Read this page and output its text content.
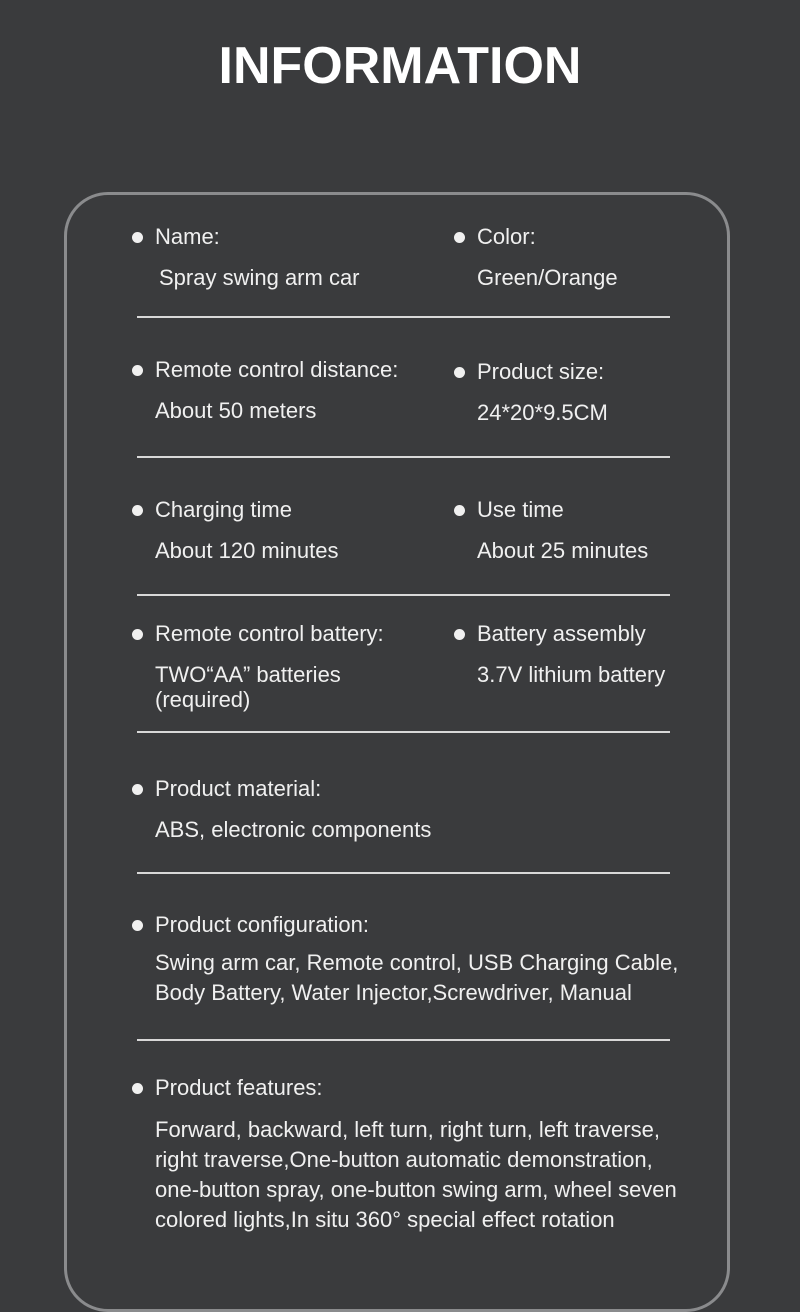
INFORMATION
Name:
Spray swing arm car
Color:
Green/Orange
Remote control distance:
About 50 meters
Product size:
24*20*9.5CM
Charging time
About 120 minutes
Use time
About 25 minutes
Remote control battery:
TWO“AA” batteries
(required)
Battery assembly
3.7V lithium battery
Product material:
ABS, electronic components
Product configuration:
Swing arm car, Remote control, USB Charging Cable,
Body Battery, Water Injector,Screwdriver, Manual
Product features:
Forward, backward, left turn, right turn, left traverse,
right traverse,One-button automatic demonstration,
one-button spray, one-button swing arm, wheel seven
colored lights,In situ 360° special effect rotation
